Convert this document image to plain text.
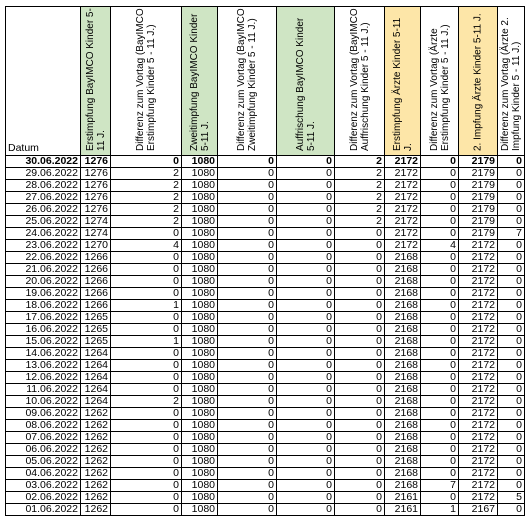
Datum	Erstimpfung BayIMCO Kinder 5-11 J.	Differenz zum Vortag (BayIMCO Erstimpfung Kinder 5 - 11 J.)	Zweitimpfung BayIMCO Kinder 5-11 J.	Differenz zum Vortag (BayIMCO Zweitimpfung Kinder 5 - 11 J.)	Auffrischung BayIMCO Kinder 5-11 J.	Differenz zum Vortag (BayIMCO Auffrischung Kinder 5 - 11 J.)	Erstimpfung Ärzte Kinder 5-11 J.	Differenz zum Vortag (Ärzte Erstimpfung Kinder 5 - 11 J.)	2. Impfung Ärzte Kinder 5-11 J.	Differenz zum Vortag (Ärzte 2. Impfung Kinder 5 - 11 J.)

30.06.2022	1276	0	1080	0	0	2	2172	0	2179	0
29.06.2022	1276	2	1080	0	0	2	2172	0	2179	0
28.06.2022	1276	2	1080	0	0	2	2172	0	2179	0
27.06.2022	1276	2	1080	0	0	2	2172	0	2179	0
26.06.2022	1276	2	1080	0	0	2	2172	0	2179	0
25.06.2022	1274	2	1080	0	0	2	2172	0	2179	0
24.06.2022	1274	0	1080	0	0	0	2172	0	2179	7
23.06.2022	1270	4	1080	0	0	0	2172	4	2172	0
22.06.2022	1266	0	1080	0	0	0	2168	0	2172	0
21.06.2022	1266	0	1080	0	0	0	2168	0	2172	0
20.06.2022	1266	0	1080	0	0	0	2168	0	2172	0
19.06.2022	1266	0	1080	0	0	0	2168	0	2172	0
18.06.2022	1266	1	1080	0	0	0	2168	0	2172	0
17.06.2022	1265	0	1080	0	0	0	2168	0	2172	0
16.06.2022	1265	0	1080	0	0	0	2168	0	2172	0
15.06.2022	1265	1	1080	0	0	0	2168	0	2172	0
14.06.2022	1264	0	1080	0	0	0	2168	0	2172	0
13.06.2022	1264	0	1080	0	0	0	2168	0	2172	0
12.06.2022	1264	0	1080	0	0	0	2168	0	2172	0
11.06.2022	1264	0	1080	0	0	0	2168	0	2172	0
10.06.2022	1264	2	1080	0	0	0	2168	0	2172	0
09.06.2022	1262	0	1080	0	0	0	2168	0	2172	0
08.06.2022	1262	0	1080	0	0	0	2168	0	2172	0
07.06.2022	1262	0	1080	0	0	0	2168	0	2172	0
06.06.2022	1262	0	1080	0	0	0	2168	0	2172	0
05.06.2022	1262	0	1080	0	0	0	2168	0	2172	0
04.06.2022	1262	0	1080	0	0	0	2168	0	2172	0
03.06.2022	1262	0	1080	0	0	0	2168	7	2172	0
02.06.2022	1262	0	1080	0	0	0	2161	0	2172	5
01.06.2022	1262	0	1080	0	0	0	2161	1	2167	0
